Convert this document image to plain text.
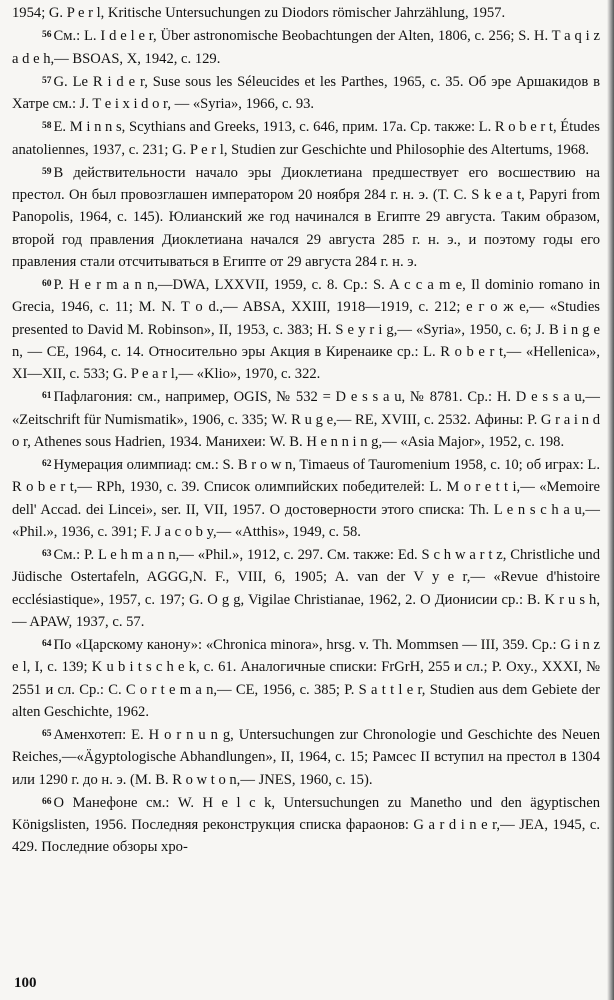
1954; G. P e r l, Kritische Untersuchungen zu Diodors römischer Jahrzählung, 1957.

$^{56}$ См.: L. I d e l e r, Über astronomische Beobachtungen der Alten, 1806, с. 256; S. H. T a q i z a d e h,— BSOAS, X, 1942, с. 129.

$^{57}$ G. Le R i d e r, Suse sous les Séleucides et les Parthes, 1965, с. 35. Об эре Аршакидов в Хатре см.: J. T e i x i d o r, — «Syria», 1966, с. 93.

$^{58}$ E. M i n n s, Scythians and Greeks, 1913, с. 646, прим. 17а. Ср. также: L. R o b e r t, Études anatoliennes, 1937, с. 231; G. P e r l, Studien zur Geschichte und Philosophie des Altertums, 1968.

$^{59}$ В действительности начало эры Диоклетиана предшествует его восшествию на престол. Он был провозглашен императором 20 ноября 284 г. н. э. (T. C. S k e a t, Papyri from Panopolis, 1964, с. 145). Юлианский же год начинался в Египте 29 августа. Таким образом, второй год правления Диоклетиана начался 29 августа 285 г. н. э., и поэтому годы его правления стали отсчитываться в Египте от 29 августа 284 г. н. э.

$^{60}$ P. H e r m a n n,—DWA, LXXVII, 1959, с. 8. Ср.: S. A c c a m e, Il dominio romano in Grecia, 1946, с. 11; M. N. T o d.,— ABSA, XXIII, 1918—1919, с. 212; е г о ж е,— «Studies presented to David M. Robinson», II, 1953, с. 383; H. S e y r i g,— «Syria», 1950, с. 6; J. B i n g e n, — CE, 1964, с. 14. Относительно эры Акция в Киренаике ср.: L. R o b e r t,— «Hellenica», XI—XII, с. 533; G. P e a r l,— «Klio», 1970, с. 322.

$^{61}$ Пафлагония: см., например, OGIS, № 532 = D e s s a u, № 8781. Ср.: H. D e s s a u,— «Zeitschrift für Numismatik», 1906, с. 335; W. R u g e,— RE, XVIII, с. 2532. Афины: P. G r a i n d o r, Athenes sous Hadrien, 1934. Манихеи: W. B. H e n n i n g,— «Asia Major», 1952, с. 198.

$^{62}$ Нумерация олимпиад: см.: S. B r o w n, Timaeus of Tauromenium 1958, с. 10; об играх: L. R o b e r t,— RPh, 1930, с. 39. Список олимпийских победителей: L. M o r e t t i,— «Memoire dell' Accad. dei Lincei», ser. II, VII, 1957. О достоверности этого списка: Th. L e n s c h a u,— «Phil.», 1936, с. 391; F. J a c o b y,— «Atthis», 1949, с. 58.

$^{63}$ См.: P. L e h m a n n,— «Phil.», 1912, с. 297. См. также: Ed. S c h w a r t z, Christliche und Jüdische Ostertafeln, AGGG,N. F., VIII, 6, 1905; A. van der V y e r,— «Revue d'histoire ecclésiastique», 1957, с. 197; G. O g g, Vigilae Christianae, 1962, 2. О Дионисии ср.: B. K r u s h,— APAW, 1937, с. 57.

$^{64}$ По «Царскому канону»: «Chronica minora», hrsg. v. Th. Mommsen — III, 359. Ср.: G i n z e l, I, с. 139; K u b i t s c h e k, с. 61. Аналогичные списки: FrGrH, 255 и сл.; P. Oxy., XXXI, № 2551 и сл. Ср.: C. C o r t e m a n,— CE, 1956, с. 385; P. S a t t l e r, Studien aus dem Gebiete der alten Geschichte, 1962.

$^{65}$ Аменхотеп: E. H o r n u n g, Untersuchungen zur Chronologie und Geschichte des Neuen Reiches,—«Ägyptologische Abhandlungen», II, 1964, с. 15; Рамсес II вступил на престол в 1304 или 1290 г. до н. э. (M. B. R o w t o n,— JNES, 1960, с. 15).

$^{66}$ О Манефоне см.: W. H e l c k, Untersuchungen zu Manetho und den ägyptischen Königslisten, 1956. Последняя реконструкция списка фараонов: G a r d i n e r,— JEA, 1945, с. 429. Последние обзоры хро-

100
